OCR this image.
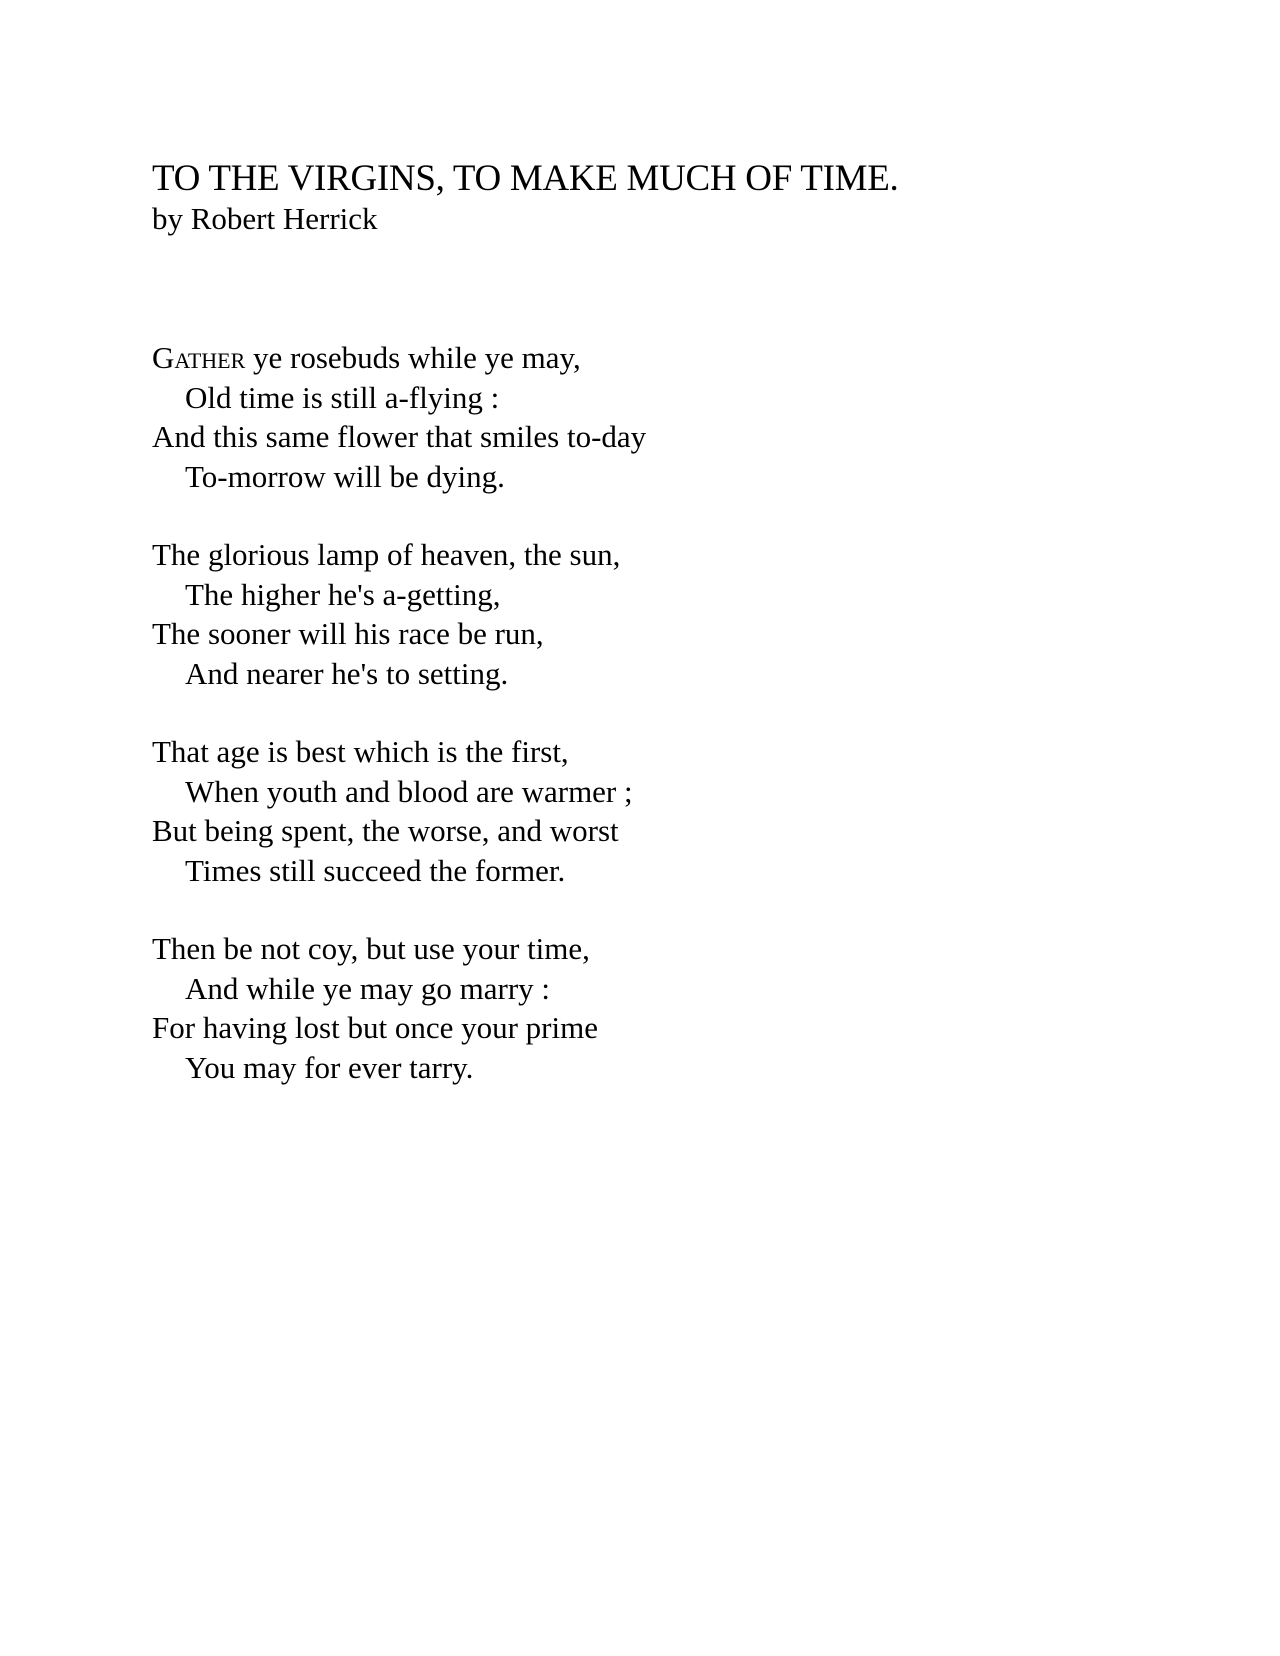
TO THE VIRGINS, TO MAKE MUCH OF TIME.
by Robert Herrick
Gather ye rosebuds while ye may,
Old time is still a-flying :
And this same flower that smiles to-day
To-morrow will be dying.
The glorious lamp of heaven, the sun,
The higher he's a-getting,
The sooner will his race be run,
And nearer he's to setting.
That age is best which is the first,
When youth and blood are warmer ;
But being spent, the worse, and worst
Times still succeed the former.
Then be not coy, but use your time,
And while ye may go marry :
For having lost but once your prime
You may for ever tarry.
